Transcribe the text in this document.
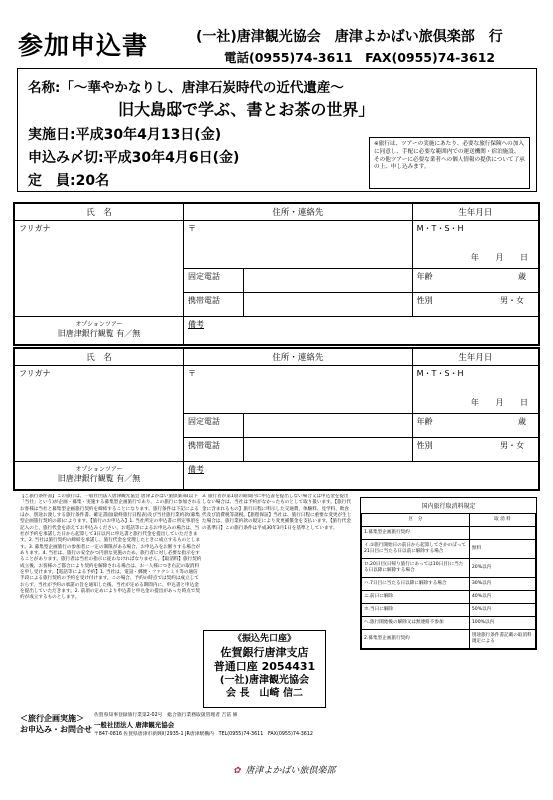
参加申込書	(一社)唐津観光協会　唐津よかばい旅倶楽部　行
電話(0955)74-3611　FAX(0955)74-3612
名称:「～華やかなりし、唐津石炭時代の近代遺産～
旧大島邸で学ぶ、書とお茶の世界」
実施日:平成30年4月13日(金)
申込み〆切:平成30年4月6日(金)
定　員:20名
※旅行は、ツアーの実施にあたり、必要な旅行保険への加入に同意し、手配に必要な範囲内での運送機関・宿泊施設、その他ツアーに必要な業者への個人情報の提供について了承の上、申し込みます。
氏　名	住所・連絡先		生年月日
フリガナ	〒		M・T・S・H
年 月 日

	固定電話		年齢 歳

	携帯電話		性別 男・女

オプションツアー
旧唐津銀行観覧 有／無	備考		
氏　名	住所・連絡先		生年月日
フリガナ	〒		M・T・S・H
年 月 日

	固定電話		年齢 歳

	携帯電話		性別 男・女

オプションツアー
旧唐津銀行観覧 有／無	備考		
【ご旅行条件書】この旅行は、一般社団法人唐津観光協会 唐津よかばい旅倶楽部(以下「当社」という)が企画・募集・実施する募集型企画旅行であり、この旅行に参加されるお客様は当社と募集型企画旅行契約を締結することになります。旅行条件は下記によるほか、別途お渡しする旅行条件書、確定書面(最終旅行日程表)及び当社旅行業約款(募集型企画旅行契約の部)によります。【旅行のお申込み】1. 当社所定の申込書に所定事項を記入の上、旅行代金を添えてお申込みください。お電話等によるお申込みの場合は、当社が予約を承諾した日から起算して3日以内に申込書と旅行代金を提出していただきます。2. 当社は旅行契約の締結を承諾し、旅行代金を受理したときに成立するものとします。3. 募集型企画旅行の参加者に一定の制限がある場合、お申込みをお断りする場合があります。4. 当社は、旅行の安全かつ円滑な実施のため、旅行者に対し必要な指示をすることがあります。旅行者は当社の指示に従わなければなりません。【取消料】旅行契約成立後、お客様のご都合により契約を解除される場合は、お一人様につき右記の取消料を申し受けます。【電話等による予約】1. 当社は、電話・郵便・ファクシミリ等の通信手段による旅行契約の予約を受け付けます。この場合、予約の時点では契約は成立しておらず、当社が予約の承諾の旨を通知した後、当社が定める期間内に、申込書と申込金を提出していただきます。2. 前項の定めにより申込書と申込金の提出があった時点で契約が成立するものとします。
3. 旅行者が第1項の期間内に申込書を提出しない場合又は申込金を提出しない場合は、当社は予約がなかったものとして取り扱います。【旅行代金に含まれるもの】旅行日程に明示した交通費、体験料、見学料、飲食代及び消費税等諸税。【旅程保証】当社は、旅行日程に重要な変更が生じた場合は、旅行業約款の規定により変更補償金を支払います。【旅行代金の基準日】この旅行条件は平成30年3月1日を基準としています。
《振込先口座》
佐賀銀行唐津支店
普通口座 2054431
(一社)唐津観光協会
会 長　山崎 信二
国内旅行取消料規定
区　分	取 消 料
1.募集型企画旅行契約	
イ.①旅行開始日の前日から起算してさかのぼって21日目に当たる日以前に解除する場合	無料
ロ.20日目(日帰り旅行にあっては10日目)に当たる日以降に解除する場合	20%以内
ハ.7日目に当たる日以降に解除する場合	30%以内
ニ.前日に解除	40%以内
ホ.当日に解除	50%以内
へ.旅行開始後の解除又は無連絡不参加	100%以内
2.募集型企画旅行契約	別途旅行条件書記載の取消料規定による
＜旅行企画実施＞
お申込み・お問合せ
佐賀県知事登録旅行業第2-02号　総合旅行業務取扱管理者 吉冨 修
一般社団法人 唐津観光協会
〒847-0816 佐賀県唐津市新興町2935-1 JR唐津駅構内　TEL(0955)74-3611　FAX(0955)74-3612
✿ 唐津よかばい旅倶楽部
